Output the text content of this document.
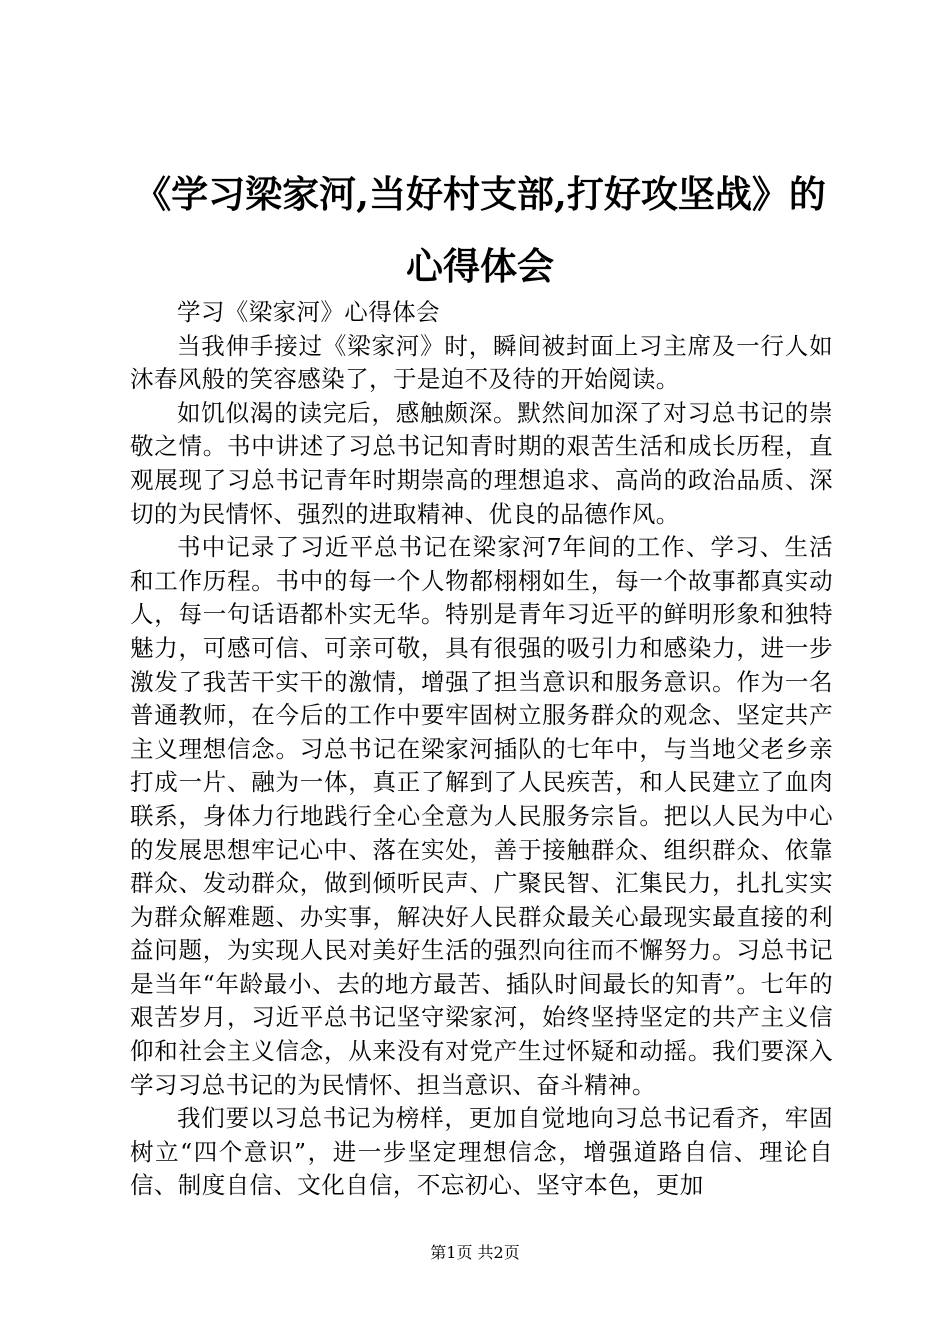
《学习梁家河,当好村支部,打好攻坚战》的心得体会

学习《梁家河》心得体会

当我伸手接过《梁家河》时，瞬间被封面上习主席及一行人如沐春风般的笑容感染了，于是迫不及待的开始阅读。

如饥似渴的读完后，感触颇深。默然间加深了对习总书记的崇敬之情。书中讲述了习总书记知青时期的艰苦生活和成长历程，直观展现了习总书记青年时期崇高的理想追求、高尚的政治品质、深切的为民情怀、强烈的进取精神、优良的品德作风。

书中记录了习近平总书记在梁家河7年间的工作、学习、生活和工作历程。书中的每一个人物都栩栩如生，每一个故事都真实动人，每一句话语都朴实无华。特别是青年习近平的鲜明形象和独特魅力，可感可信、可亲可敬，具有很强的吸引力和感染力，进一步激发了我苦干实干的激情，增强了担当意识和服务意识。作为一名普通教师，在今后的工作中要牢固树立服务群众的观念、坚定共产主义理想信念。习总书记在梁家河插队的七年中，与当地父老乡亲打成一片、融为一体，真正了解到了人民疾苦，和人民建立了血肉联系，身体力行地践行全心全意为人民服务宗旨。把以人民为中心的发展思想牢记心中、落在实处，善于接触群众、组织群众、依靠群众、发动群众，做到倾听民声、广聚民智、汇集民力，扎扎实实为群众解难题、办实事，解决好人民群众最关心最现实最直接的利益问题，为实现人民对美好生活的强烈向往而不懈努力。习总书记是当年“年龄最小、去的地方最苦、插队时间最长的知青”。七年的艰苦岁月，习近平总书记坚守梁家河，始终坚持坚定的共产主义信仰和社会主义信念，从来没有对党产生过怀疑和动摇。我们要深入学习习总书记的为民情怀、担当意识、奋斗精神。

我们要以习总书记为榜样，更加自觉地向习总书记看齐，牢固树立“四个意识”，进一步坚定理想信念，增强道路自信、理论自信、制度自信、文化自信，不忘初心、坚守本色，更加

第1页 共2页
